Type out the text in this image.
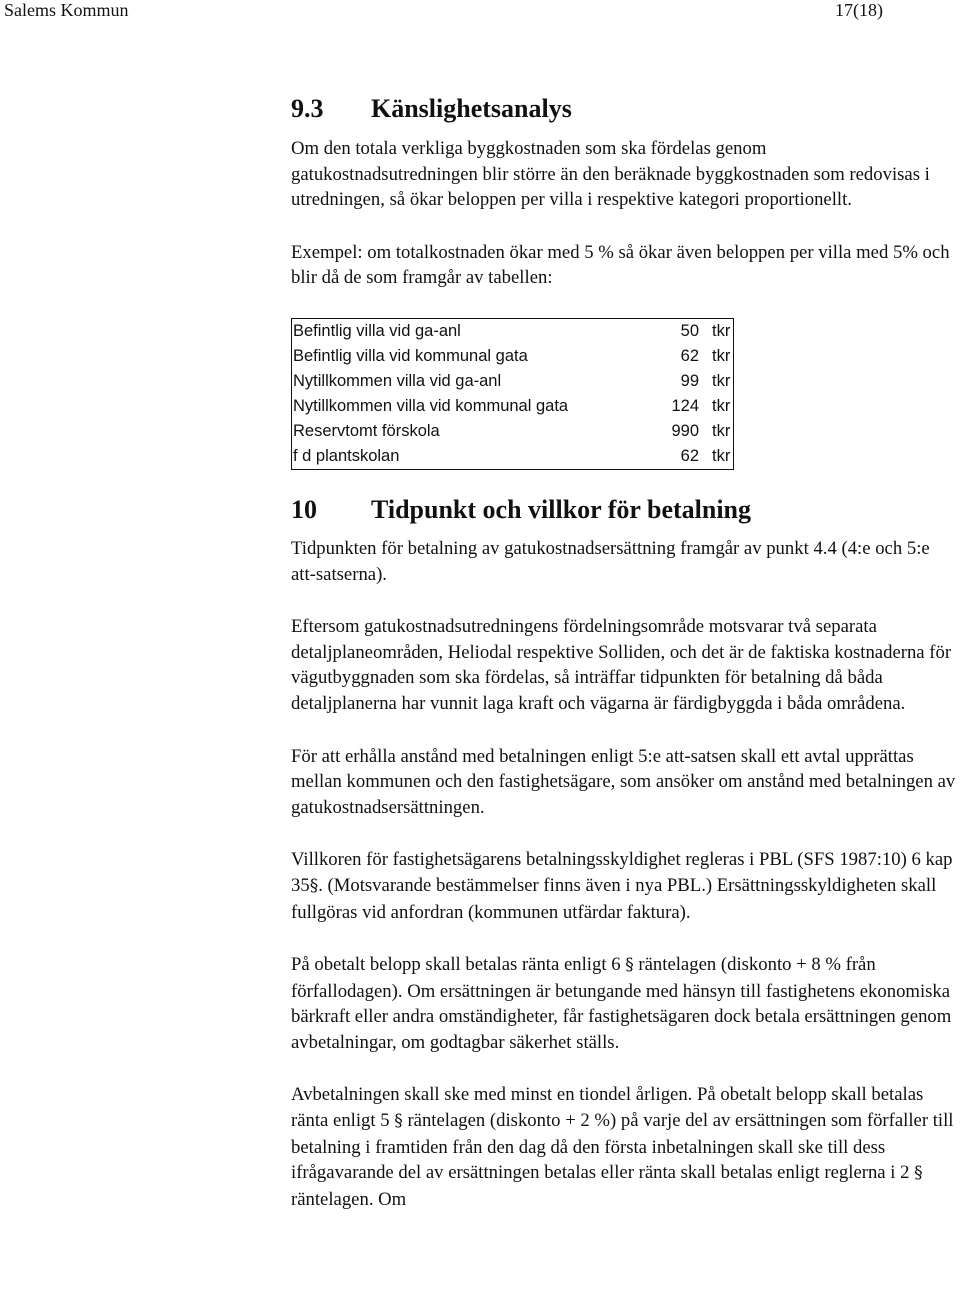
Salems Kommun	17(18)
9.3	Känslighetsanalys

Om den totala verkliga byggkostnaden som ska fördelas genom gatukostnadsutredningen blir större än den beräknade byggkostnaden som redovisas i utredningen, så ökar beloppen per villa i respektive kategori proportionellt.

Exempel: om totalkostnaden ökar med 5 % så ökar även beloppen per villa med 5% och blir då de som framgår av tabellen:

Befintlig villa vid ga-anl	50	tkr
Befintlig villa vid kommunal gata	62	tkr
Nytillkommen villa vid ga-anl	99	tkr
Nytillkommen villa vid kommunal gata	124	tkr
Reservtomt förskola	990	tkr
f d plantskolan	62	tkr
10	Tidpunkt och villkor för betalning

Tidpunkten för betalning av gatukostnadsersättning framgår av punkt 4.4 (4:e och 5:e att-satserna).

Eftersom gatukostnadsutredningens fördelningsområde motsvarar två separata detaljplaneområden, Heliodal respektive Solliden, och det är de faktiska kostnaderna för vägutbyggnaden som ska fördelas, så inträffar tidpunkten för betalning då båda detaljplanerna har vunnit laga kraft och vägarna är färdigbyggda i båda områdena.

För att erhålla anstånd med betalningen enligt 5:e att-satsen skall ett avtal upprättas mellan kommunen och den fastighetsägare, som ansöker om anstånd med betalningen av gatukostnadsersättningen.

Villkoren för fastighetsägarens betalningsskyldighet regleras i PBL (SFS 1987:10) 6 kap 35§. (Motsvarande bestämmelser finns även i nya PBL.) Ersättningsskyldigheten skall fullgöras vid anfordran (kommunen utfärdar faktura).

På obetalt belopp skall betalas ränta enligt 6 § räntelagen (diskonto + 8 % från förfallodagen). Om ersättningen är betungande med hänsyn till fastighetens ekonomiska bärkraft eller andra omständigheter, får fastighetsägaren dock betala ersättningen genom avbetalningar, om godtagbar säkerhet ställs.

Avbetalningen skall ske med minst en tiondel årligen. På obetalt belopp skall betalas ränta enligt 5 § räntelagen (diskonto + 2 %) på varje del av ersättningen som förfaller till betalning i framtiden från den dag då den första inbetalningen skall ske till dess ifrågavarande del av ersättningen betalas eller ränta skall betalas enligt reglerna i 2 § räntelagen. Om
